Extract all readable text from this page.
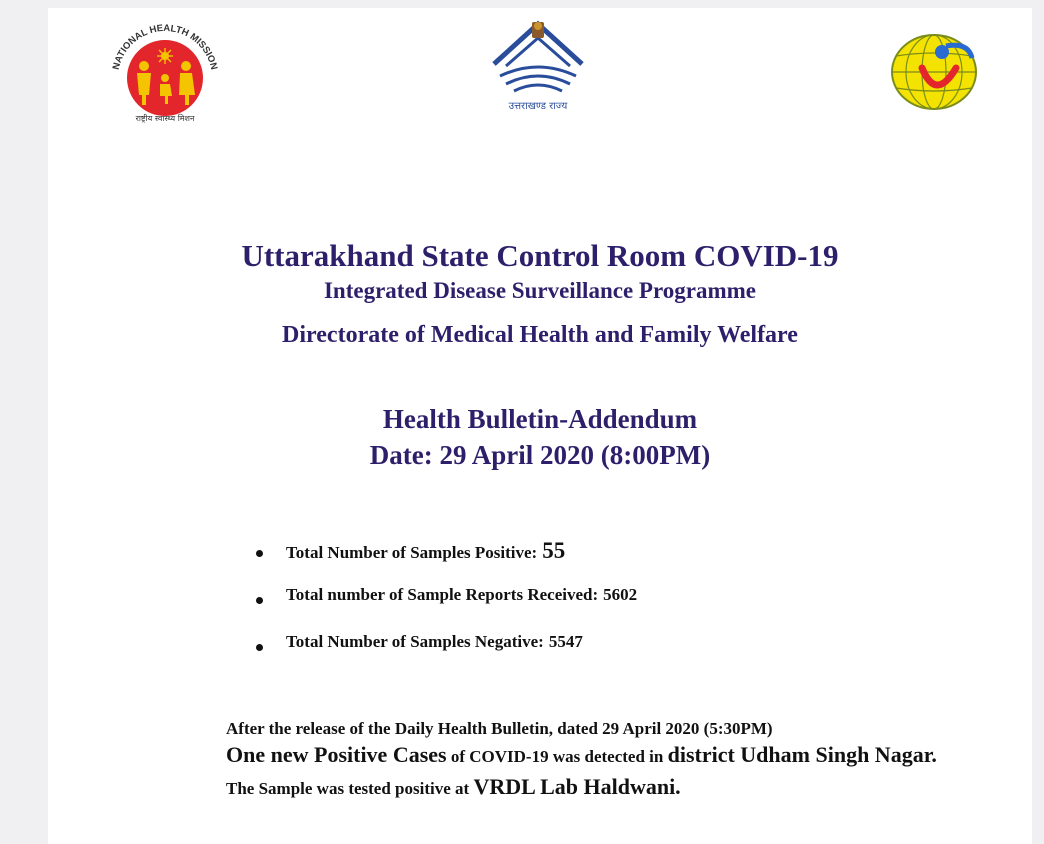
NATIONAL HEALTH MISSION
राष्ट्रीय स्वास्थ्य मिशन
उत्तराखण्ड राज्य
Uttarakhand State Control Room COVID-19
Integrated Disease Surveillance Programme
Directorate of Medical Health and Family Welfare
Health Bulletin-Addendum
Date: 29 April 2020 (8:00PM)
Total Number of Samples Positive: 55
Total number of Sample Reports Received: 5602
Total Number of Samples Negative: 5547
After the release of the Daily Health Bulletin, dated 29 April 2020 (5:30PM)
One new Positive Cases of COVID-19 was detected in district Udham Singh Nagar. The Sample was tested positive at VRDL Lab Haldwani.
